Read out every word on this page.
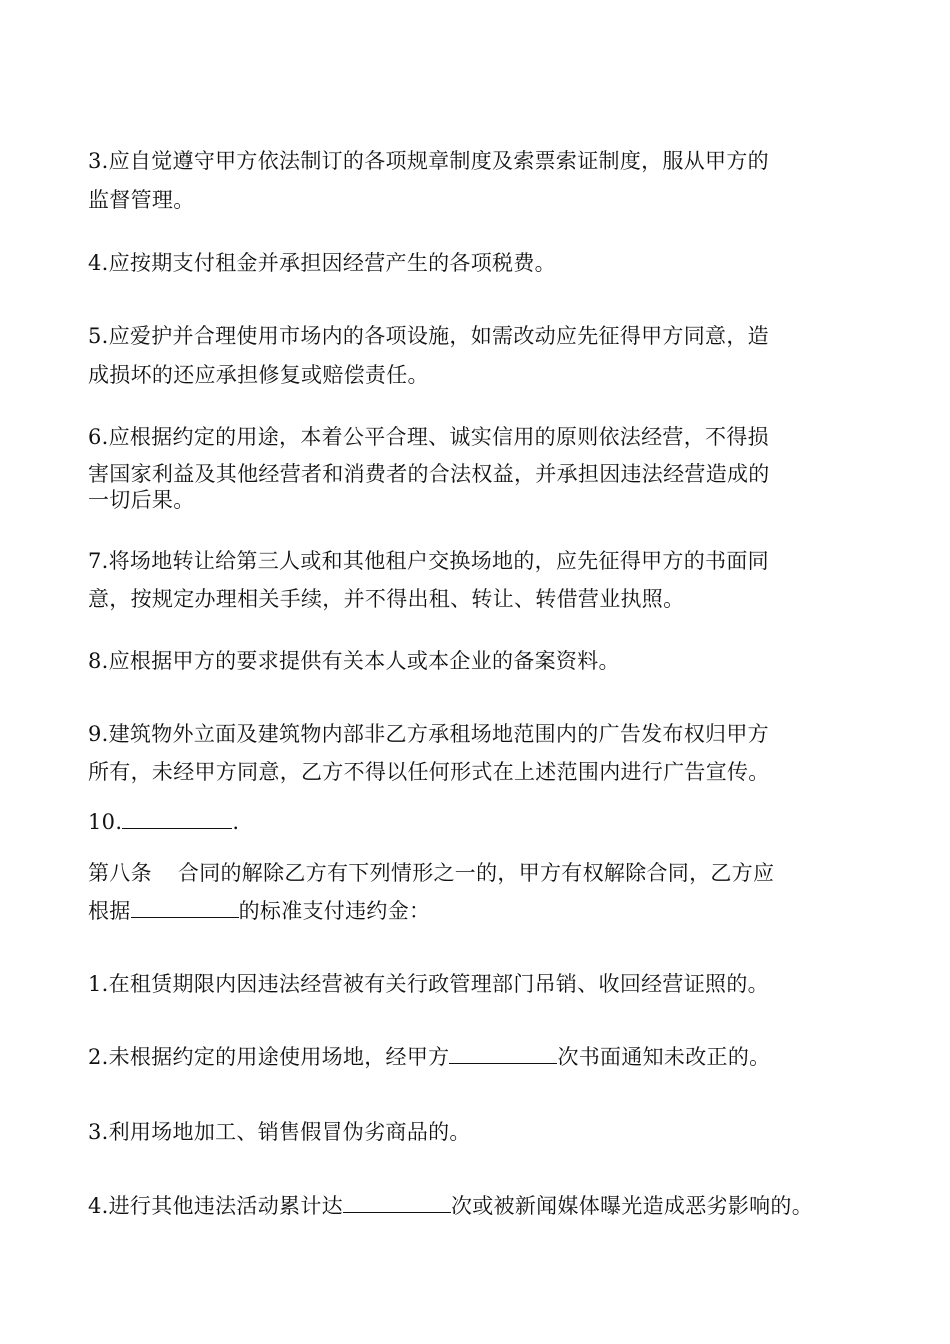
3.应自觉遵守甲方依法制订的各项规章制度及索票索证制度，服从甲方的
监督管理。
4.应按期支付租金并承担因经营产生的各项税费。
5.应爱护并合理使用市场内的各项设施，如需改动应先征得甲方同意，造
成损坏的还应承担修复或赔偿责任。
6.应根据约定的用途，本着公平合理、诚实信用的原则依法经营，不得损
害国家利益及其他经营者和消费者的合法权益，并承担因违法经营造成的
一切后果。
7.将场地转让给第三人或和其他租户交换场地的，应先征得甲方的书面同
意，按规定办理相关手续，并不得出租、转让、转借营业执照。
8.应根据甲方的要求提供有关本人或本企业的备案资料。
9.建筑物外立面及建筑物内部非乙方承租场地范围内的广告发布权归甲方
所有，未经甲方同意，乙方不得以任何形式在上述范围内进行广告宣传。
10.	.
第八条 合同的解除乙方有下列情形之一的，甲方有权解除合同，乙方应
根据	的标准支付违约金：
1.在租赁期限内因违法经营被有关行政管理部门吊销、收回经营证照的。
2.未根据约定的用途使用场地，经甲方	次书面通知未改正的。
3.利用场地加工、销售假冒伪劣商品的。
4.进行其他违法活动累计达	次或被新闻媒体曝光造成恶劣影响的。
